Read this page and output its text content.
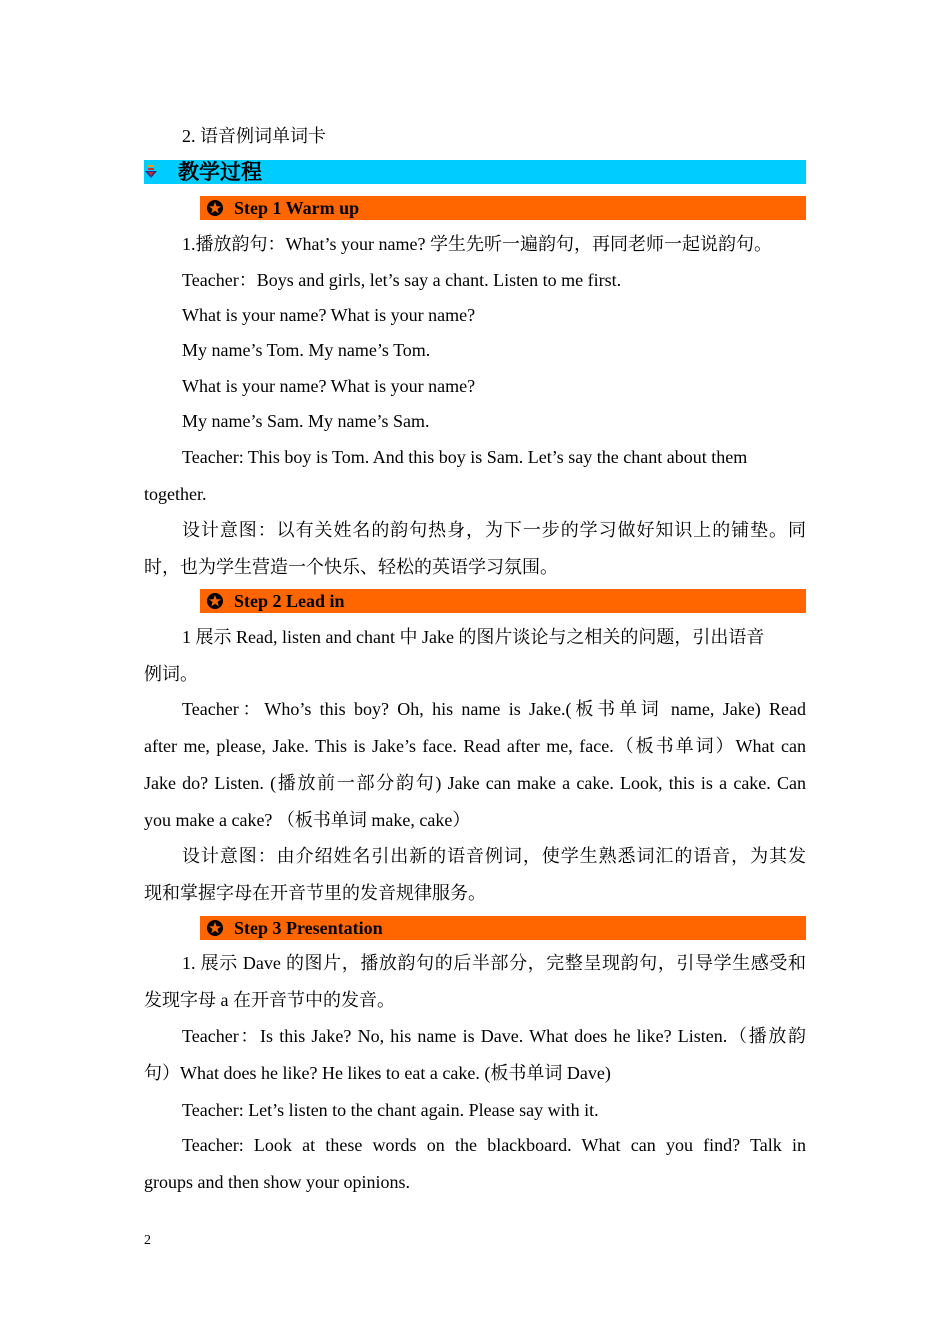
2. 语音例词单词卡
教学过程
Step 1 Warm up
1.播放韵句：What’s your name? 学生先听一遍韵句，再同老师一起说韵句。
Teacher：Boys and girls, let’s say a chant. Listen to me first.
What is your name? What is your name?
My name’s Tom. My name’s Tom.
What is your name? What is your name?
My name’s Sam. My name’s Sam.
Teacher: This boy is Tom. And this boy is Sam. Let’s say the chant about them
together.
设计意图：以有关姓名的韵句热身，为下一步的学习做好知识上的铺垫。同
时，也为学生营造一个快乐、轻松的英语学习氛围。
Step 2 Lead in
1 展示 Read, listen and chant 中 Jake 的图片谈论与之相关的问题，引出语音
例词。
Teacher：Who’s this boy? Oh, his name is Jake.(板书单词 name, Jake) Read
after me, please, Jake. This is Jake’s face. Read after me, face.（板书单词）What can
Jake do? Listen. (播放前一部分韵句) Jake can make a cake. Look, this is a cake. Can
you make a cake? （板书单词 make, cake）
设计意图：由介绍姓名引出新的语音例词，使学生熟悉词汇的语音，为其发
现和掌握字母在开音节里的发音规律服务。
Step 3 Presentation
1. 展示 Dave 的图片，播放韵句的后半部分，完整呈现韵句，引导学生感受和
发现字母 a 在开音节中的发音。
Teacher：Is this Jake? No, his name is Dave. What does he like? Listen.（播放韵
句）What does he like? He likes to eat a cake. (板书单词 Dave)
Teacher: Let’s listen to the chant again. Please say with it.
Teacher: Look at these words on the blackboard. What can you find? Talk in
groups and then show your opinions.
2
